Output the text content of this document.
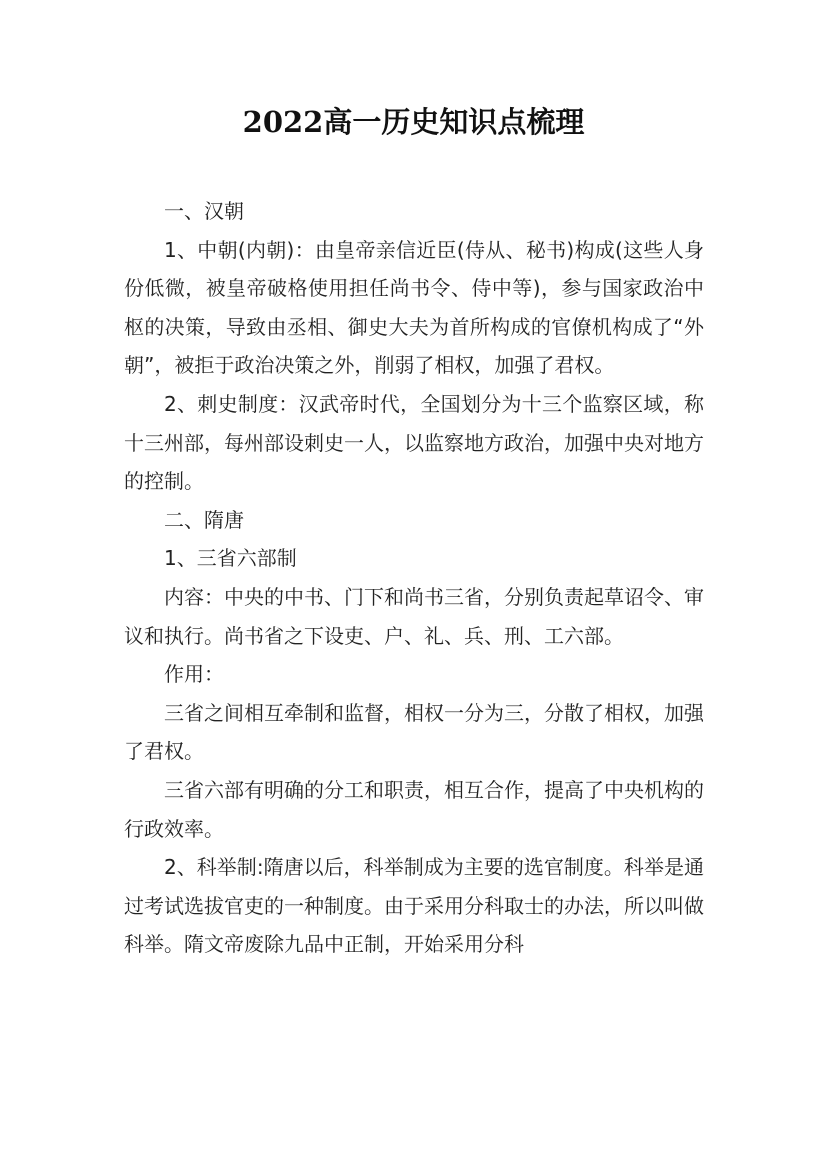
2022高一历史知识点梳理

一、汉朝

1、中朝(内朝)：由皇帝亲信近臣(侍从、秘书)构成(这些人身份低微，被皇帝破格使用担任尚书令、侍中等)，参与国家政治中枢的决策，导致由丞相、御史大夫为首所构成的官僚机构成了“外朝”，被拒于政治决策之外，削弱了相权，加强了君权。

2、刺史制度：汉武帝时代，全国划分为十三个监察区域，称十三州部，每州部设刺史一人，以监察地方政治，加强中央对地方的控制。

二、隋唐

1、三省六部制

内容：中央的中书、门下和尚书三省，分别负责起草诏令、审议和执行。尚书省之下设吏、户、礼、兵、刑、工六部。

作用：

三省之间相互牵制和监督，相权一分为三，分散了相权，加强了君权。

三省六部有明确的分工和职责，相互合作，提高了中央机构的行政效率。

2、科举制:隋唐以后，科举制成为主要的选官制度。科举是通过考试选拔官吏的一种制度。由于采用分科取士的办法，所以叫做科举。隋文帝废除九品中正制，开始采用分科
